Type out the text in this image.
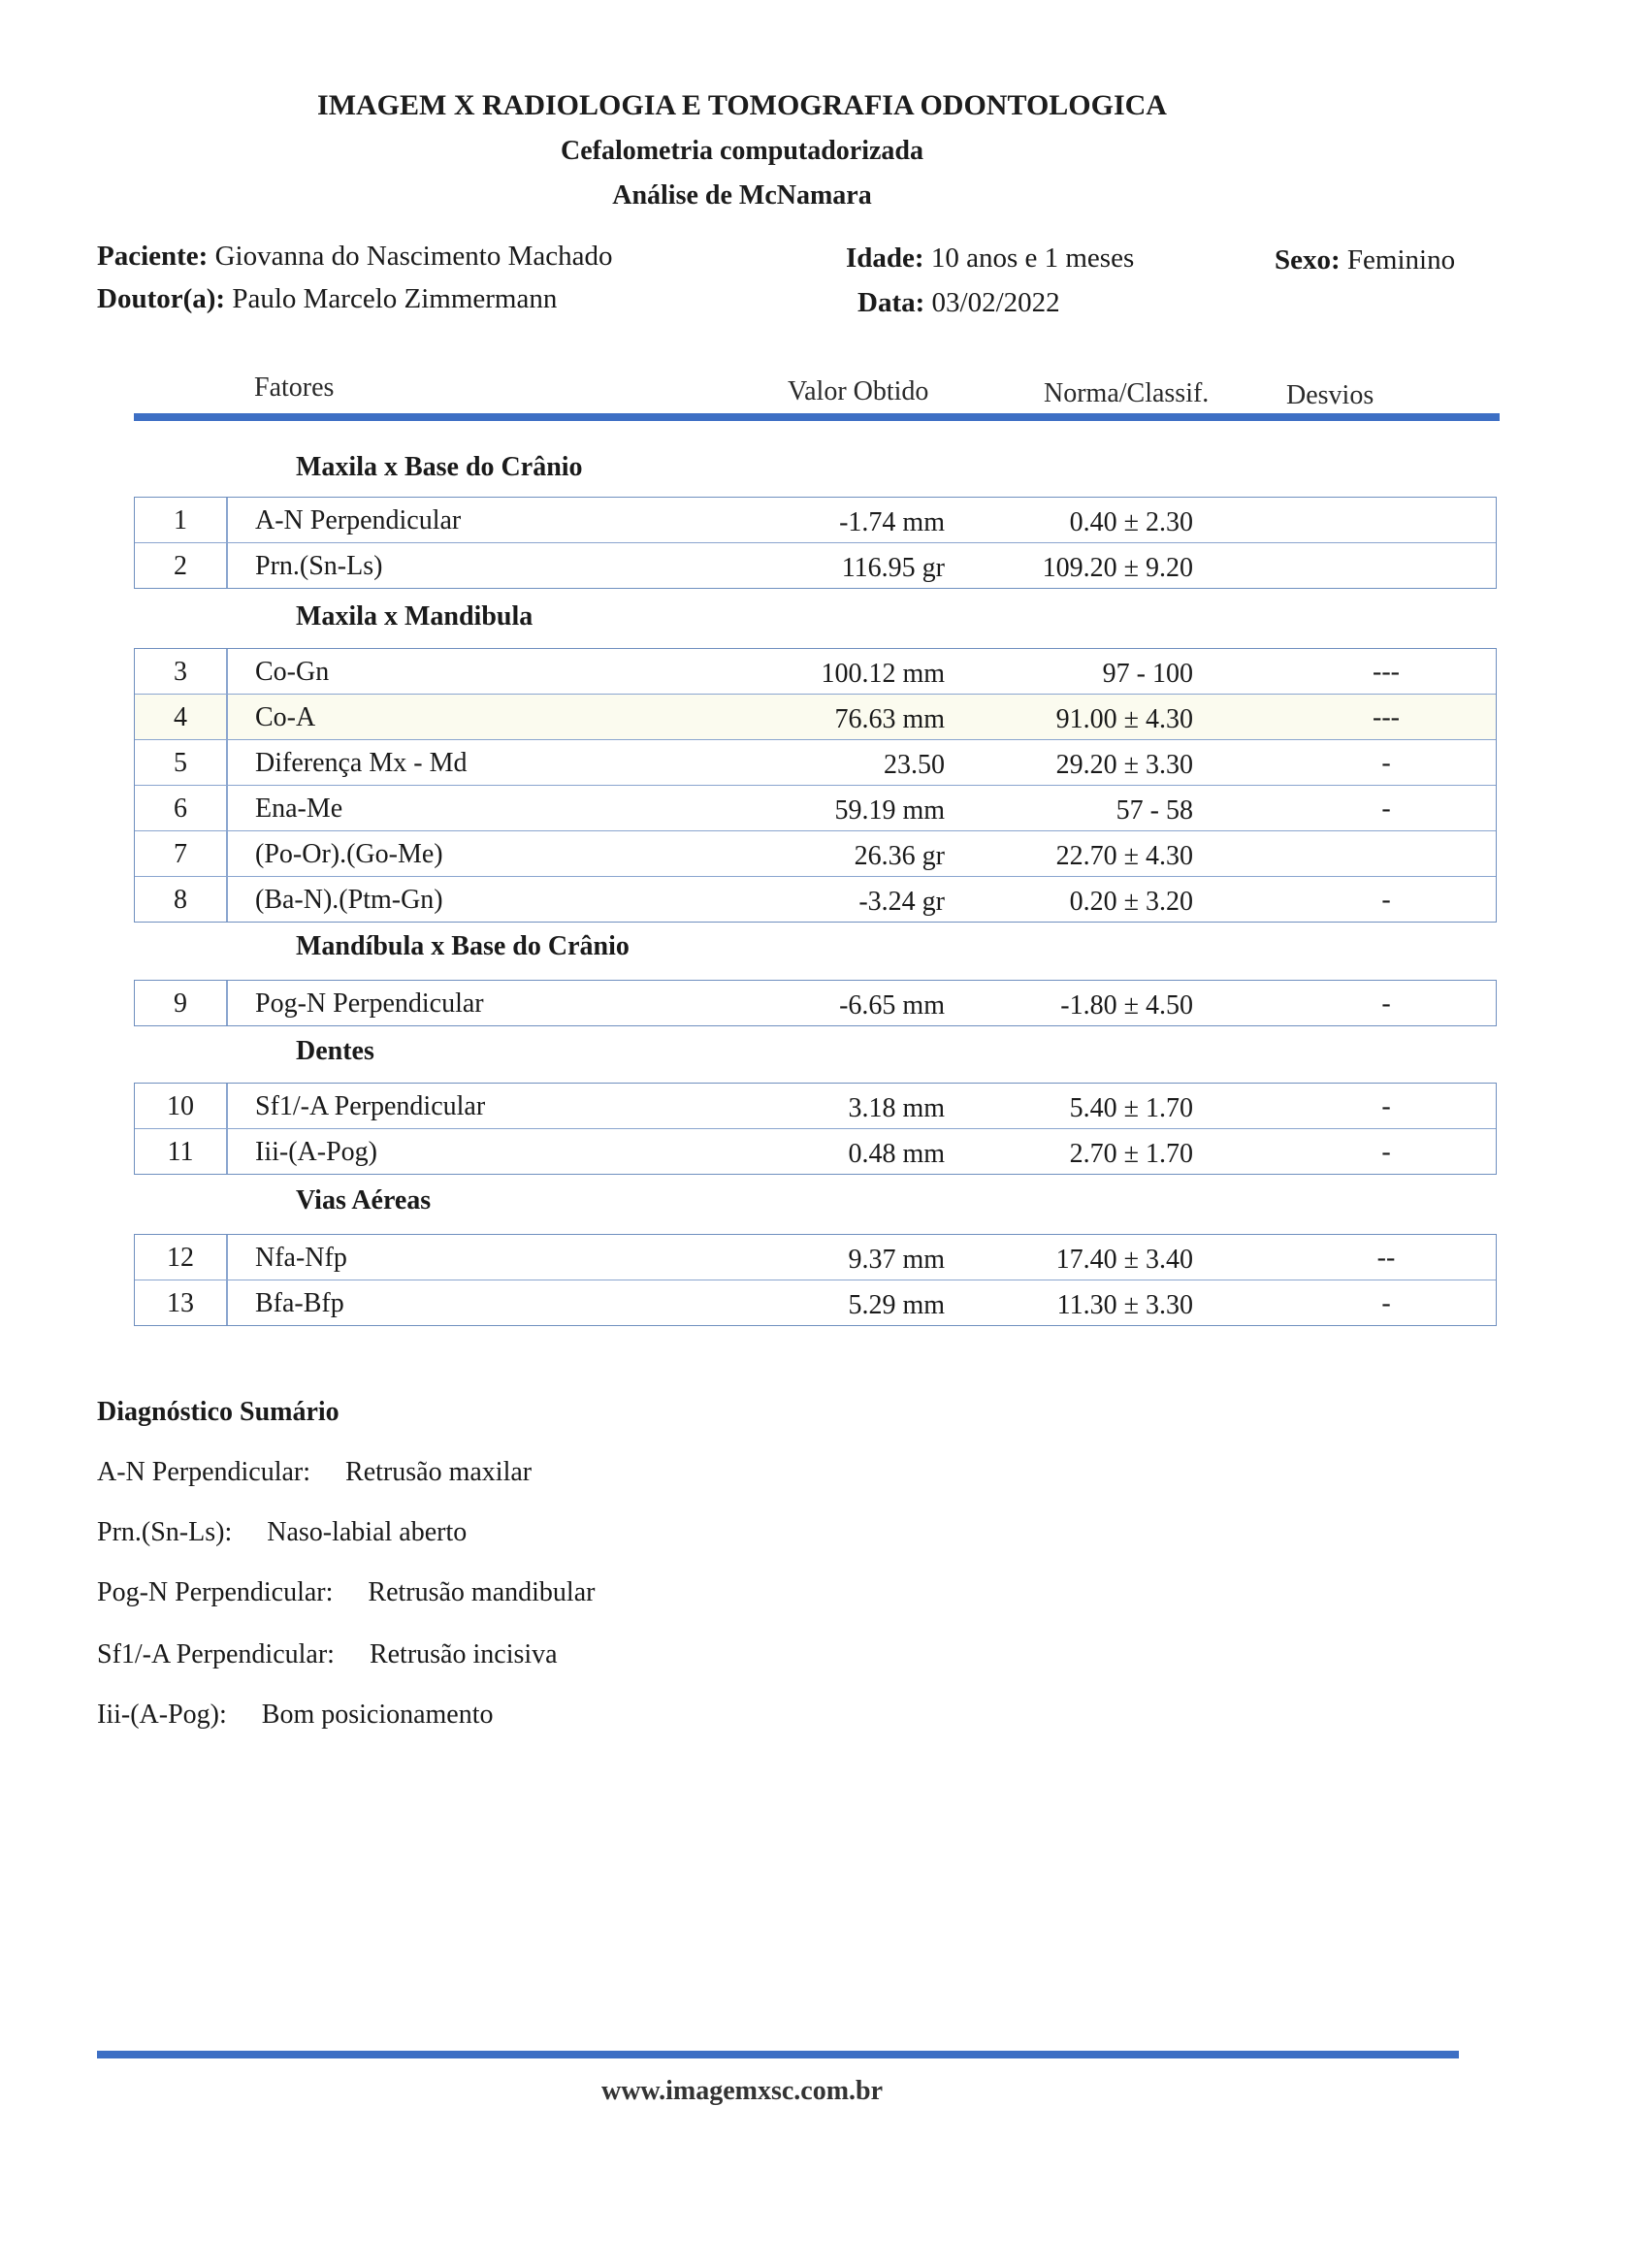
IMAGEM X RADIOLOGIA E TOMOGRAFIA ODONTOLOGICA
Cefalometria computadorizada
Análise de McNamara
Paciente: Giovanna do Nascimento Machado	Idade: 10 anos e 1 meses	Sexo: Feminino
Doutor(a): Paulo Marcelo Zimmermann	Data: 03/02/2022
Fatores	Valor Obtido	Norma/Classif.	Desvios
Maxila x Base do Crânio
1	A-N Perpendicular	-1.74 mm	0.40 ± 2.30
2	Prn.(Sn-Ls)	116.95 gr	109.20 ± 9.20
Maxila x Mandibula
3	Co-Gn	100.12 mm	97 - 100	---
4	Co-A	76.63 mm	91.00 ± 4.30	---
5	Diferença Mx - Md	23.50	29.20 ± 3.30	-
6	Ena-Me	59.19 mm	57 - 58	-
7	(Po-Or).(Go-Me)	26.36 gr	22.70 ± 4.30
8	(Ba-N).(Ptm-Gn)	-3.24 gr	0.20 ± 3.20	-
Mandíbula x Base do Crânio
9	Pog-N Perpendicular	-6.65 mm	-1.80 ± 4.50	-
Dentes
10	Sf1/-A Perpendicular	3.18 mm	5.40 ± 1.70	-
11	Iii-(A-Pog)	0.48 mm	2.70 ± 1.70	-
Vias Aéreas
12	Nfa-Nfp	9.37 mm	17.40 ± 3.40	--
13	Bfa-Bfp	5.29 mm	11.30 ± 3.30	-
Diagnóstico Sumário
A-N Perpendicular: Retrusão maxilar
Prn.(Sn-Ls): Naso-labial aberto
Pog-N Perpendicular: Retrusão mandibular
Sf1/-A Perpendicular: Retrusão incisiva
Iii-(A-Pog): Bom posicionamento
www.imagemxsc.com.br
